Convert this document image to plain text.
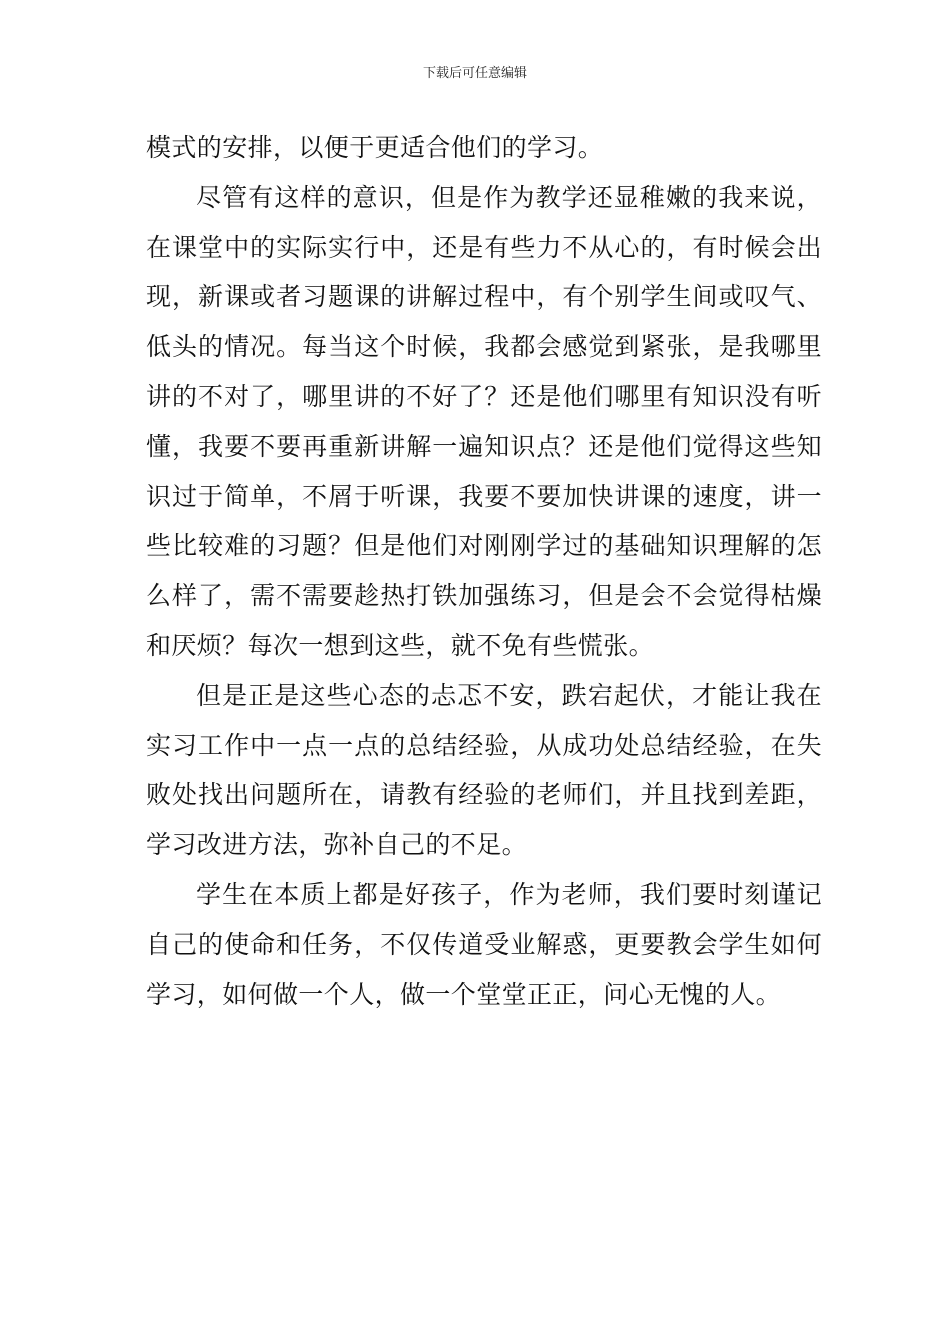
下载后可任意编辑

模式的安排，以便于更适合他们的学习。

尽管有这样的意识，但是作为教学还显稚嫩的我来说，在课堂中的实际实行中，还是有些力不从心的，有时候会出现，新课或者习题课的讲解过程中，有个别学生间或叹气、低头的情况。每当这个时候，我都会感觉到紧张，是我哪里讲的不对了，哪里讲的不好了？还是他们哪里有知识没有听懂，我要不要再重新讲解一遍知识点？还是他们觉得这些知识过于简单，不屑于听课，我要不要加快讲课的速度，讲一些比较难的习题？但是他们对刚刚学过的基础知识理解的怎么样了，需不需要趁热打铁加强练习，但是会不会觉得枯燥和厌烦？每次一想到这些，就不免有些慌张。

但是正是这些心态的忐忑不安，跌宕起伏，才能让我在实习工作中一点一点的总结经验，从成功处总结经验，在失败处找出问题所在，请教有经验的老师们，并且找到差距，学习改进方法，弥补自己的不足。

学生在本质上都是好孩子，作为老师，我们要时刻谨记自己的使命和任务，不仅传道受业解惑，更要教会学生如何学习，如何做一个人，做一个堂堂正正，问心无愧的人。
